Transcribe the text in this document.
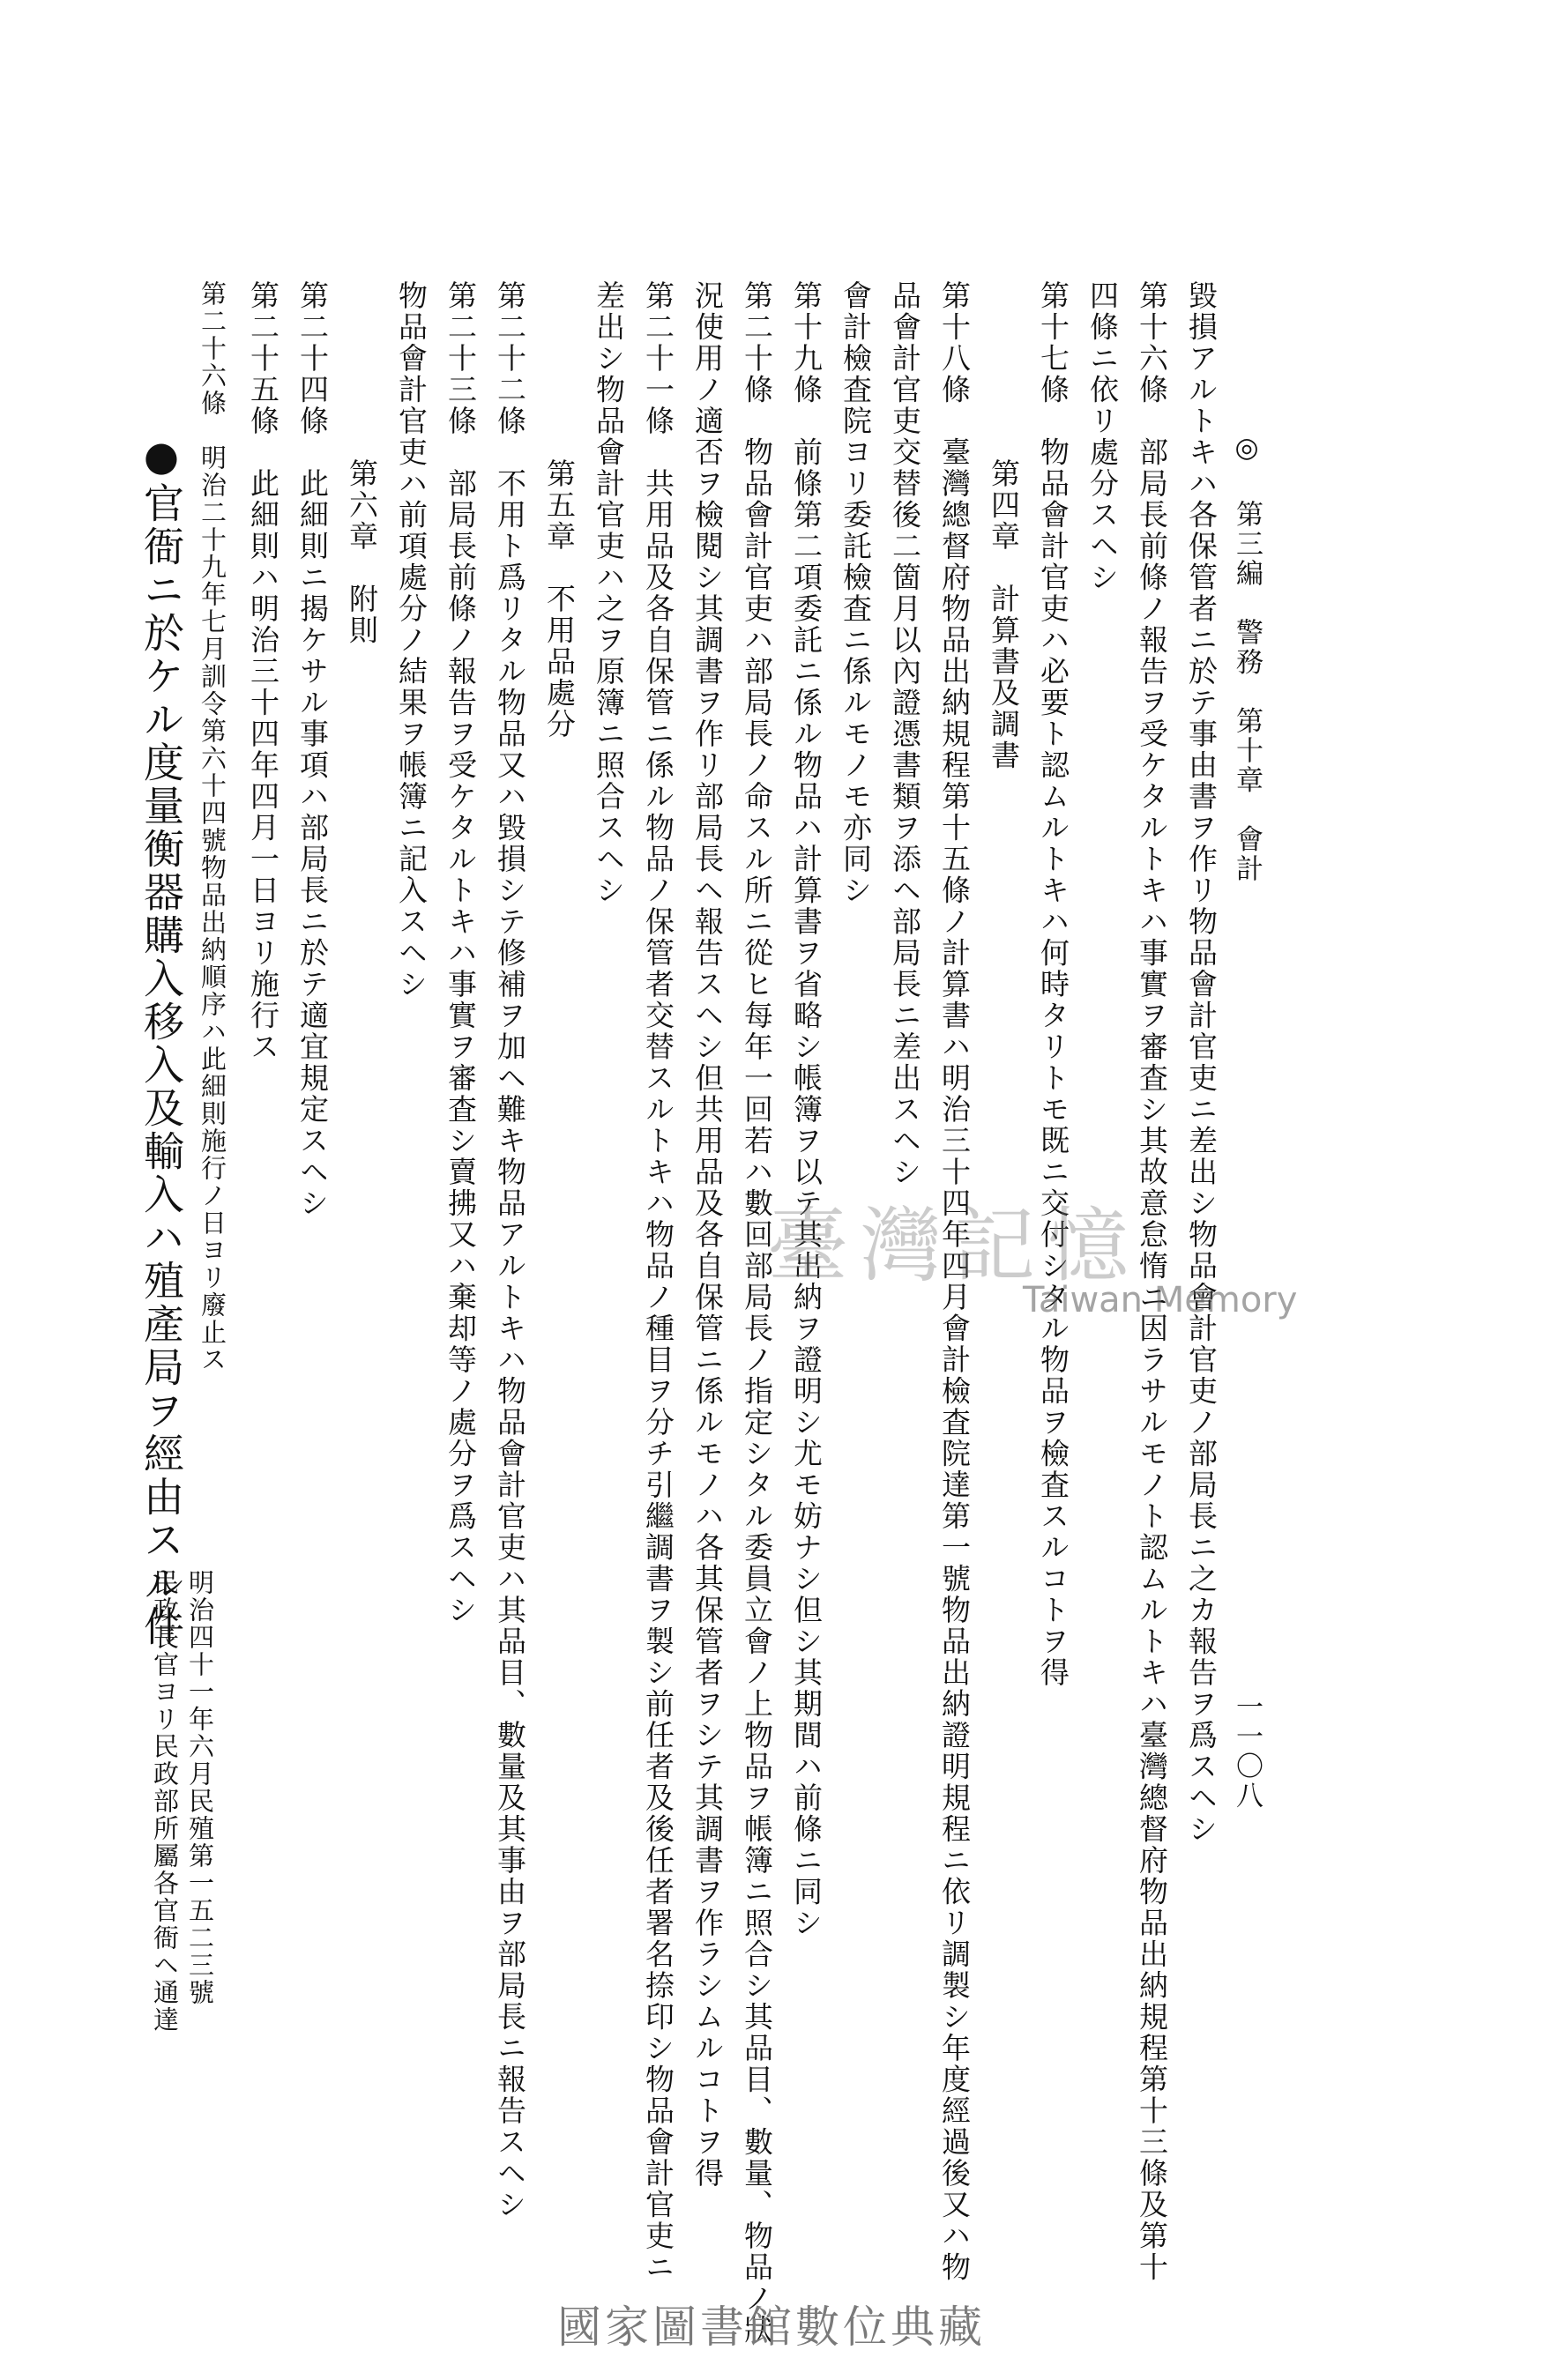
◎ 第三編　警務　第十章　會計
一一〇八
毀損アルトキハ各保管者ニ於テ事由書ヲ作リ物品會計官吏ニ差出シ物品會計官吏ノ部局長ニ之カ報告ヲ爲スヘシ
第十六條　部局長前條ノ報告ヲ受ケタルトキハ事實ヲ審査シ其故意怠惰ニ因ラサルモノト認ムルトキハ臺灣總督府物品出納規程第十三條及第十
四條ニ依リ處分スヘシ
第十七條　物品會計官吏ハ必要ト認ムルトキハ何時タリトモ既ニ交付シタル物品ヲ檢査スルコトヲ得
第四章　計算書及調書
第十八條　臺灣總督府物品出納規程第十五條ノ計算書ハ明治三十四年四月會計檢査院達第一號物品出納證明規程ニ依リ調製シ年度經過後又ハ物
品會計官吏交替後二箇月以內證憑書類ヲ添ヘ部局長ニ差出スヘシ
會計檢査院ヨリ委託檢査ニ係ルモノモ亦同シ
第十九條　前條第二項委託ニ係ル物品ハ計算書ヲ省略シ帳簿ヲ以テ其出納ヲ證明シ尤モ妨ナシ但シ其期間ハ前條ニ同シ
第二十條　物品會計官吏ハ部局長ノ命スル所ニ從ヒ每年一回若ハ數回部局長ノ指定シタル委員立會ノ上物品ヲ帳簿ニ照合シ其品目、數量、物品ノ狀
況使用ノ適否ヲ檢閱シ其調書ヲ作リ部局長ヘ報告スヘシ但共用品及各自保管ニ係ルモノハ各其保管者ヲシテ其調書ヲ作ラシムルコトヲ得
第二十一條　共用品及各自保管ニ係ル物品ノ保管者交替スルトキハ物品ノ種目ヲ分チ引繼調書ヲ製シ前任者及後任者署名捺印シ物品會計官吏ニ
差出シ物品會計官吏ハ之ヲ原簿ニ照合スヘシ
第五章　不用品處分
第二十二條　不用ト爲リタル物品又ハ毀損シテ修補ヲ加ヘ難キ物品アルトキハ物品會計官吏ハ其品目、數量及其事由ヲ部局長ニ報告スヘシ
第二十三條　部局長前條ノ報告ヲ受ケタルトキハ事實ヲ審査シ賣拂又ハ棄却等ノ處分ヲ爲スヘシ
物品會計官吏ハ前項處分ノ結果ヲ帳簿ニ記入スヘシ
第六章　附則
第二十四條　此細則ニ揭ケサル事項ハ部局長ニ於テ適宜規定スヘシ
第二十五條　此細則ハ明治三十四年四月一日ヨリ施行ス
第二十六條　明治二十九年七月訓令第六十四號物品出納順序ハ此細則施行ノ日ヨリ廢止ス
●官衙ニ於ケル度量衡器購入移入及輸入ハ殖產局ヲ經由スル件
明治四十一年六月民殖第一五二三號
民政長官ヨリ民政部所屬各官衙ヘ通達
臺灣記憶
Taiwan Memory
國家圖書館數位典藏
